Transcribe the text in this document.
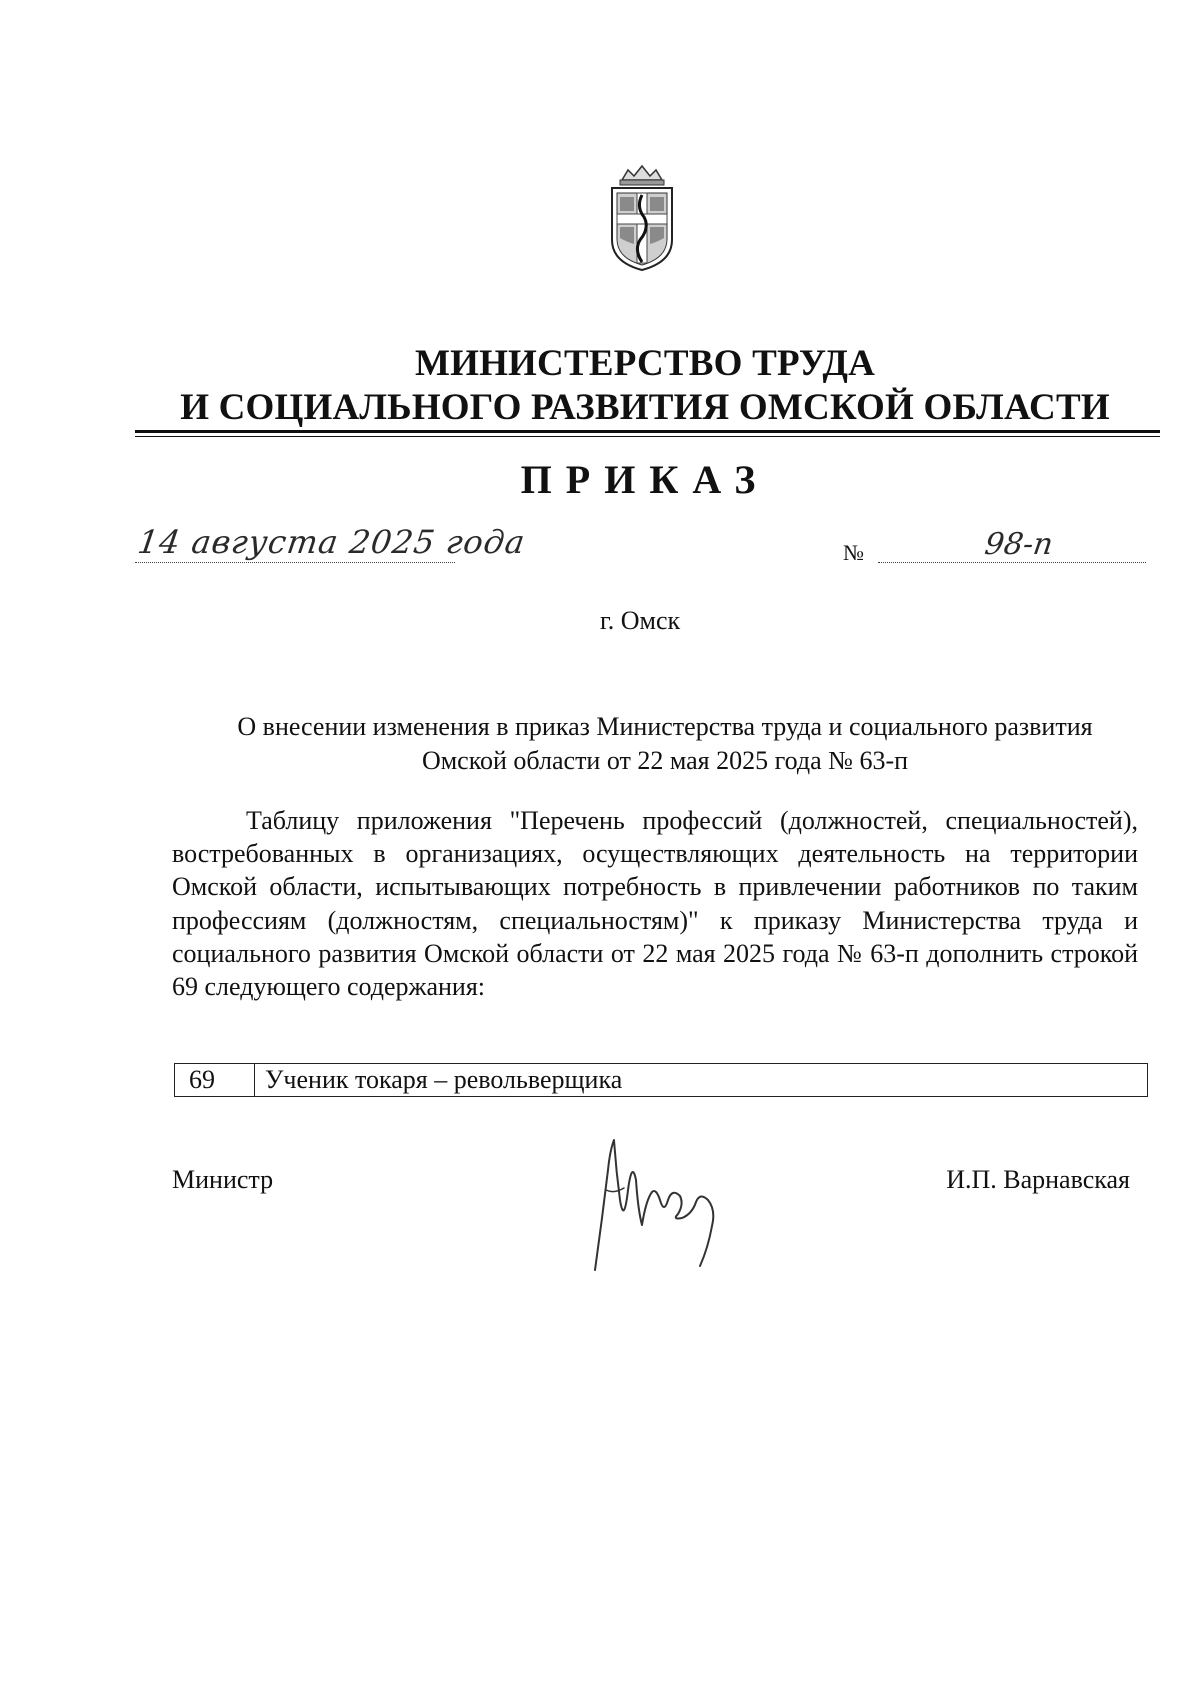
МИНИСТЕРСТВО ТРУДА
И СОЦИАЛЬНОГО РАЗВИТИЯ ОМСКОЙ ОБЛАСТИ
ПРИКАЗ
14 августа 2025 года	№	98-п
г. Омск
О внесении изменения в приказ Министерства труда и социального развития
Омской области от 22 мая 2025 года № 63-п
Таблицу приложения "Перечень профессий (должностей, специальностей), востребованных в организациях, осуществляющих деятельность на территории Омской области, испытывающих потребность в привлечении работников по таким профессиям (должностям, специальностям)" к приказу Министерства труда и социального развития Омской области от 22 мая 2025 года № 63-п дополнить строкой 69 следующего содержания:
69	Ученик токаря – револьверщика
Министр	И.П. Варнавская
